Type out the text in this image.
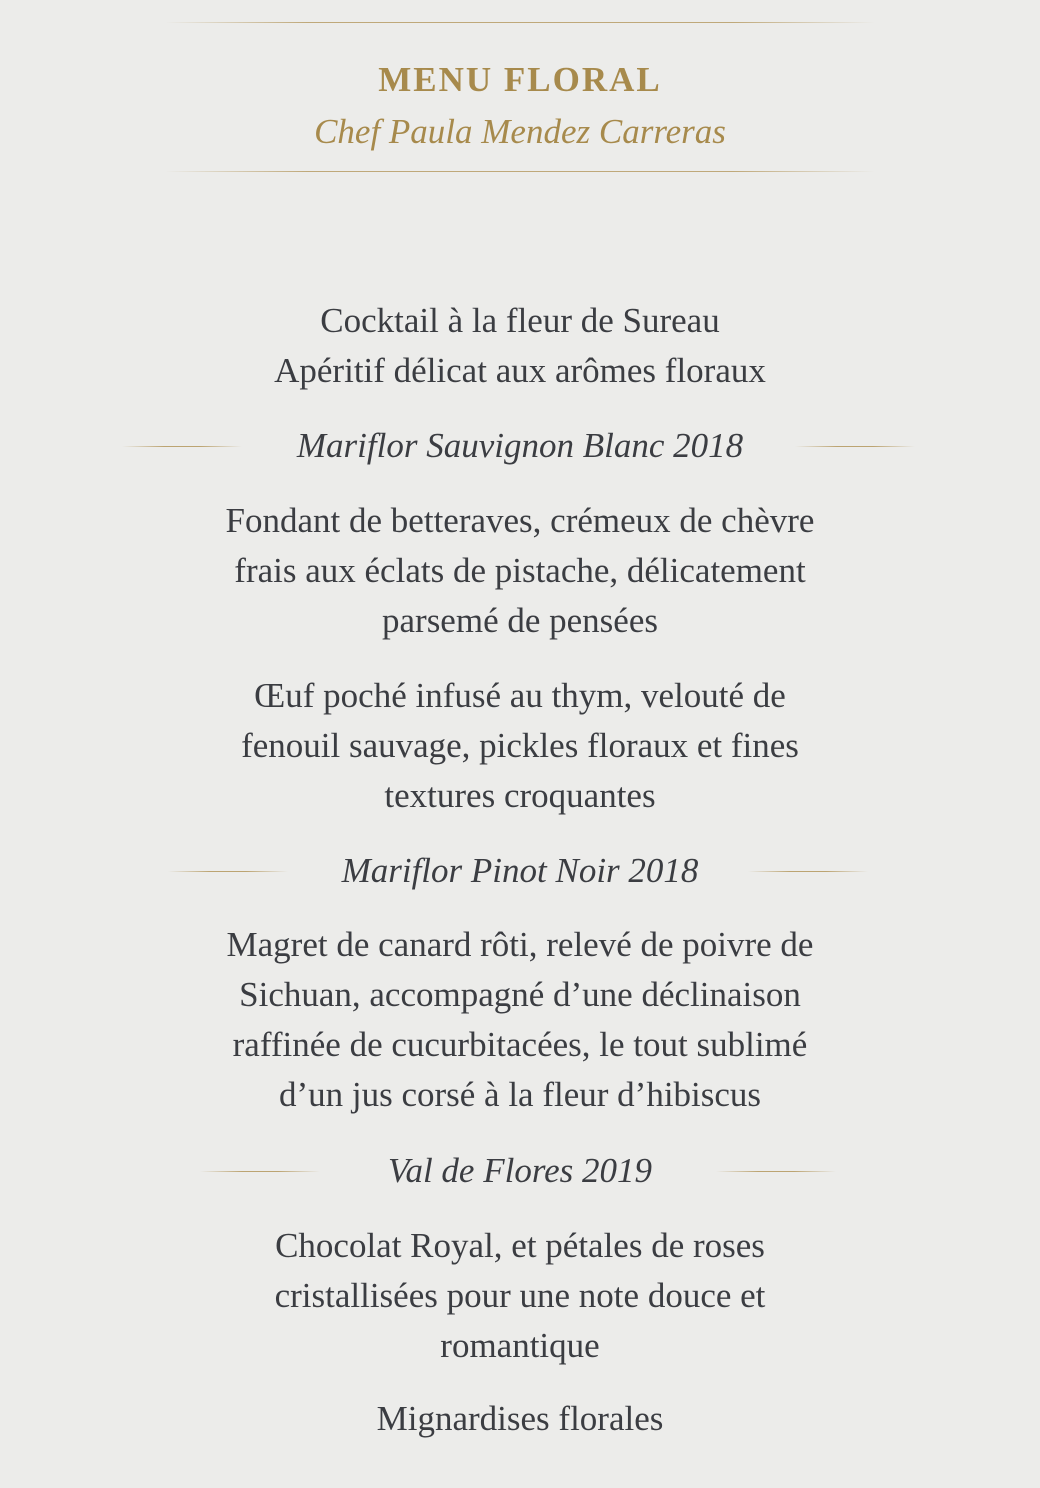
MENU FLORAL
Chef Paula Mendez Carreras
Cocktail à la fleur de Sureau
Apéritif délicat aux arômes floraux
Mariflor Sauvignon Blanc 2018
Fondant de betteraves, crémeux de chèvre
frais aux éclats de pistache, délicatement
parsemé de pensées
Œuf poché infusé au thym, velouté de
fenouil sauvage, pickles floraux et fines
textures croquantes
Mariflor Pinot Noir 2018
Magret de canard rôti, relevé de poivre de
Sichuan, accompagné d’une déclinaison
raffinée de cucurbitacées, le tout sublimé
d’un jus corsé à la fleur d’hibiscus
Val de Flores 2019
Chocolat Royal, et pétales de roses
cristallisées pour une note douce et
romantique
Mignardises florales
